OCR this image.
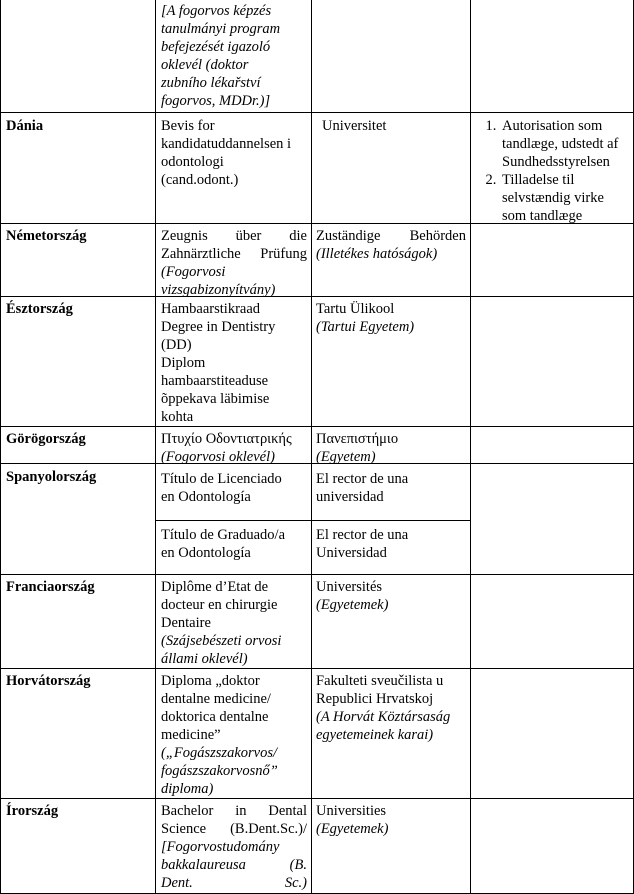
[A fogorvos képzés
tanulmányi program
befejezését igazoló
oklevél (doktor
zubního lékařství
fogorvos, MDDr.)]
Dánia	Bevis for
kandidatuddannelsen i
odontologi
(cand.odont.)
Universitet
1.	Autorisation som tandlæge, udstedt af Sundhedsstyrelsen
2. Tilladelse til selvstændig virke som tandlæge
Németország	Zeugnis über die
Zahnärztliche Prüfung
(Fogorvosi
vizsgabizonyítvány)
Zuständige Behörden
(Illetékes hatóságok)
Észtország	Hambaarstikraad
Degree in Dentistry
(DD)
Diplom
hambaarstiteaduse
õppekava läbimise
kohta
Tartu Ülikool
(Tartui Egyetem)
Görögország	Πτυχίο Οδοντιατρικής
(Fogorvosi oklevél)
Πανεπιστήμιο
(Egyetem)
Spanyolország	Título de Licenciado
en Odontología
El rector de una
universidad
Título de Graduado/a
en Odontología
El rector de una
Universidad
Franciaország	Diplôme d’Etat de
docteur en chirurgie
Dentaire
(Szájsebészeti orvosi
állami oklevél)
Universités
(Egyetemek)
Horvátország	Diploma „doktor
dentalne medicine/
doktorica dentalne
medicine”
(„Fogászszakorvos/
fogászszakorvosnő”
diploma)
Fakulteti sveučilista u
Republici Hrvatskoj
(A Horvát Köztársaság
egyetemeinek karai)
Írország	Bachelor in Dental
Science (B.Dent.Sc.)/
[Fogorvostudomány
bakkalaureusa (B.
Dent. Sc.)
Universities
(Egyetemek)
